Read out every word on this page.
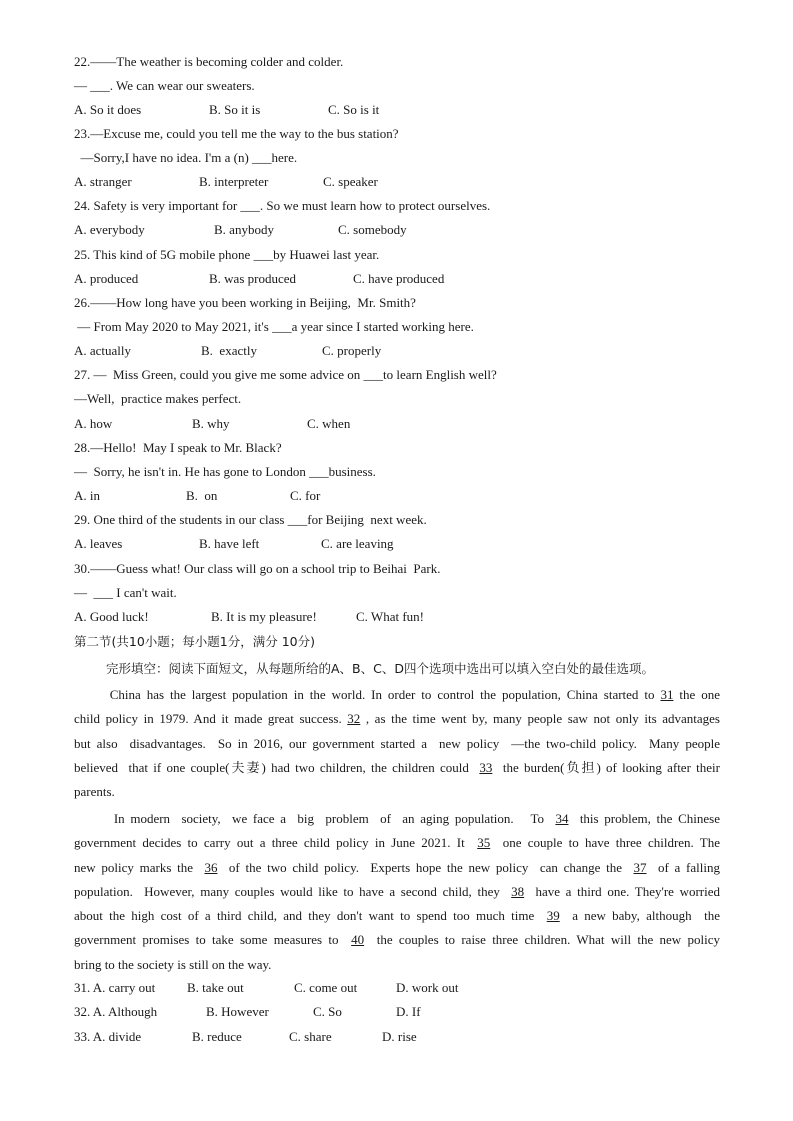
22.——The weather is becoming colder and colder.
— ___. We can wear our sweaters.
A. So it does	B. So it is	C. So is it
23.—Excuse me, could you tell me the way to the bus station?
—Sorry,I have no idea. I'm a (n) ___here.
A. stranger	B. interpreter	C. speaker
24. Safety is very important for ___. So we must learn how to protect ourselves.
A. everybody	B. anybody	C. somebody
25. This kind of 5G mobile phone ___by Huawei last year.
A. produced	B. was produced	C. have produced
26.——How long have you been working in Beijing,  Mr. Smith?
— From May 2020 to May 2021, it's ___a year since I started working here.
A. actually	B.  exactly	C. properly
27. —  Miss Green, could you give me some advice on ___to learn English well?
—Well,  practice makes perfect.
A. how	B. why	C. when
28.—Hello!  May I speak to Mr. Black?
—  Sorry, he isn't in. He has gone to London ___business.
A. in	B.  on	C. for
29. One third of the students in our class ___for Beijing  next week.
A. leaves	B. have left	C. are leaving
30.——Guess what! Our class will go on a school trip to Beihai  Park.
—  ___ I can't wait.
A. Good luck!	B. It is my pleasure!	C. What fun!
第二节(共10小题；每小题1分，满分 10分)
完形填空：阅读下面短文，从每题所给的A、B、C、D四个选项中选出可以填入空白处的最佳选项。
China has the largest population in the world. In order to control the population, China started to 31 the one
child policy in 1979. And it made great success. 32 , as the time went by, many people saw not only its advantages
but also  disadvantages.  So in 2016, our government started a  new policy  —the two-child policy.  Many people
believed  that if one couple(夫妻) had two children, the children could  33  the burden(负担) of looking after their
parents.
In modern  society,  we face a  big  problem  of  an aging population.   To  34  this problem, the Chinese
government decides to carry out a three child policy in June 2021. It  35  one couple to have three children. The
new policy marks the  36  of the two child policy.  Experts hope the new policy  can change the  37  of a falling
population.  However, many couples would like to have a second child, they  38  have a third one. They're worried
about the high cost of a third child, and they don't want to spend too much time  39  a new baby, although  the
government promises to take some measures to  40  the couples to raise three children. What will the new policy
bring to the society is still on the way.
31. A. carry out B. take out	C. come out	D. work out
32. A. Although	B. However	C. So	D. If
33. A. divide	B. reduce	C. share	D. rise
